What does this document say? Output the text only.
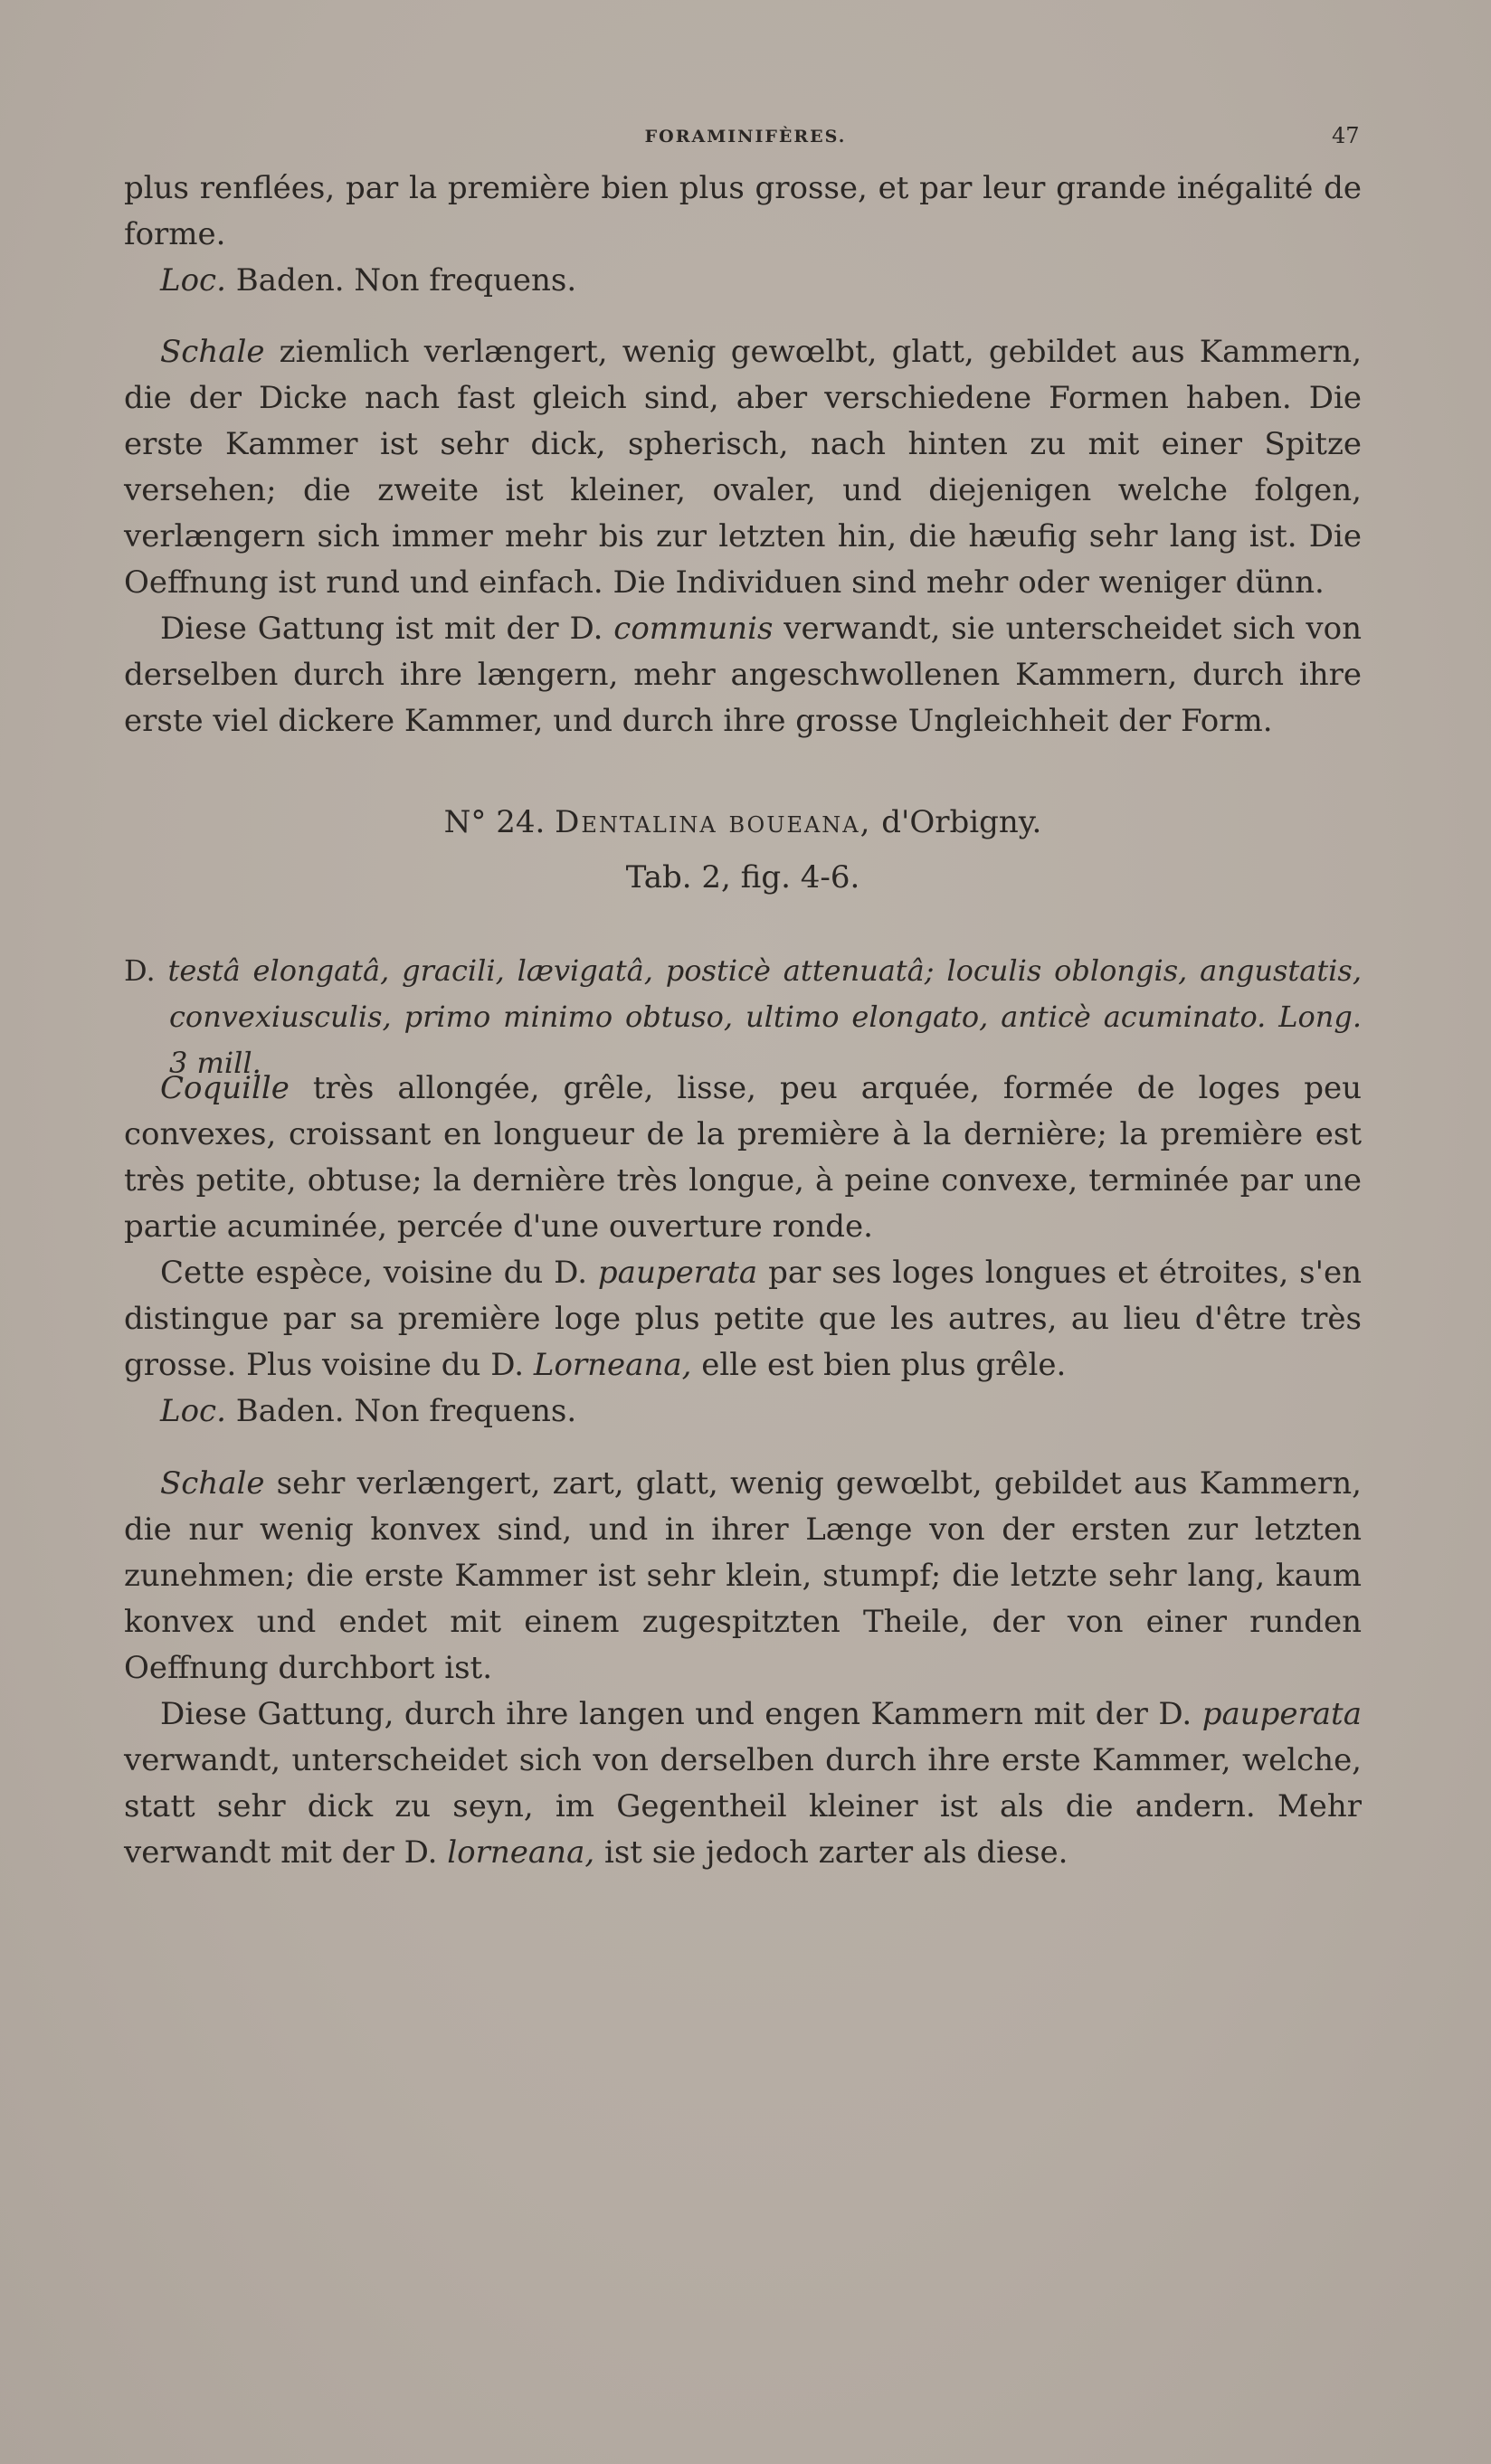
FORAMINIFÈRES.	47

plus renflées, par la première bien plus grosse, et par leur grande inégalité de forme.

Loc. Baden. Non frequens.

Schale ziemlich verlængert, wenig gewœlbt, glatt, gebildet aus Kammern, die der Dicke nach fast gleich sind, aber verschiedene Formen haben. Die erste Kammer ist sehr dick, spherisch, nach hinten zu mit einer Spitze versehen; die zweite ist kleiner, ovaler, und diejenigen welche folgen, verlængern sich immer mehr bis zur letzten hin, die hæufig sehr lang ist. Die Oeffnung ist rund und einfach. Die Individuen sind mehr oder weniger dünn.

Diese Gattung ist mit der D. communis verwandt, sie unterscheidet sich von derselben durch ihre længern, mehr angeschwollenen Kammern, durch ihre erste viel dickere Kammer, und durch ihre grosse Ungleichheit der Form.

N° 24. Dentalina boueana, d'Orbigny.

Tab. 2, fig. 4-6.

D. testâ elongatâ, gracili, lævigatâ, posticè attenuatâ; loculis oblongis, angustatis, convexiusculis, primo minimo obtuso, ultimo elongato, anticè acuminato. Long. 3 mill.

Coquille très allongée, grêle, lisse, peu arquée, formée de loges peu convexes, croissant en longueur de la première à la dernière; la première est très petite, obtuse; la dernière très longue, à peine convexe, terminée par une partie acuminée, percée d'une ouverture ronde.

Cette espèce, voisine du D. pauperata par ses loges longues et étroites, s'en distingue par sa première loge plus petite que les autres, au lieu d'être très grosse. Plus voisine du D. Lorneana, elle est bien plus grêle.

Loc. Baden. Non frequens.

Schale sehr verlængert, zart, glatt, wenig gewœlbt, gebildet aus Kammern, die nur wenig konvex sind, und in ihrer Længe von der ersten zur letzten zunehmen; die erste Kammer ist sehr klein, stumpf; die letzte sehr lang, kaum konvex und endet mit einem zugespitzten Theile, der von einer runden Oeffnung durchbort ist.

Diese Gattung, durch ihre langen und engen Kammern mit der D. pauperata verwandt, unterscheidet sich von derselben durch ihre erste Kammer, welche, statt sehr dick zu seyn, im Gegentheil kleiner ist als die andern. Mehr verwandt mit der D. lorneana, ist sie jedoch zarter als diese.
